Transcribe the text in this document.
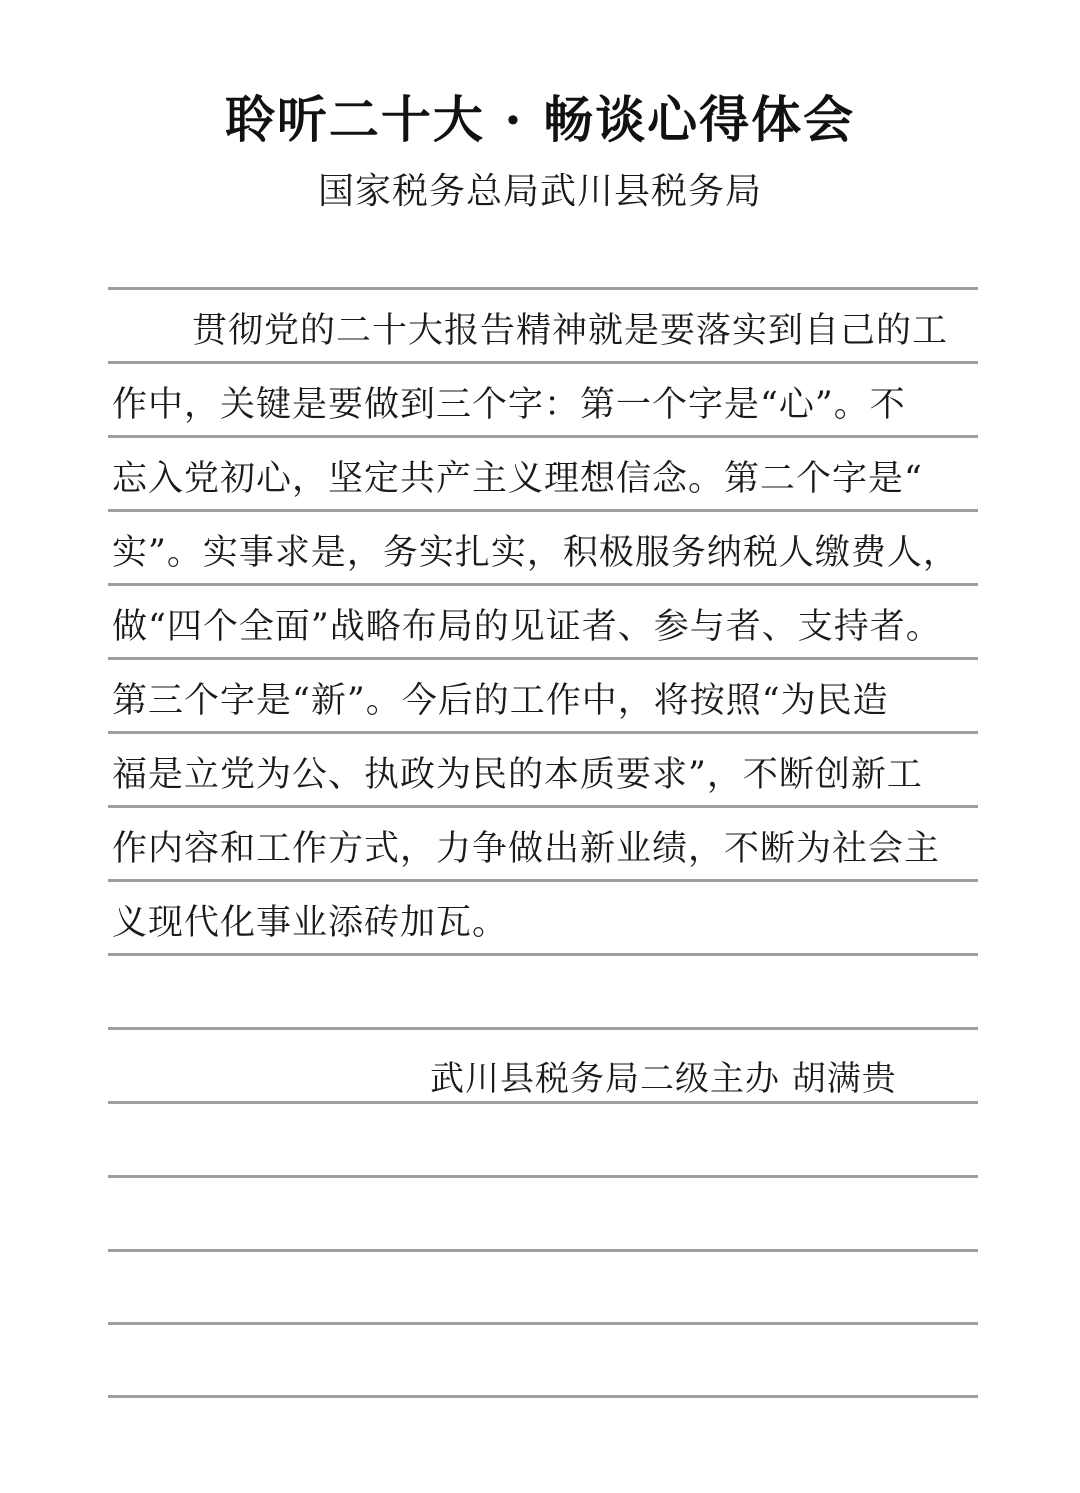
聆听二十大 · 畅谈心得体会
国家税务总局武川县税务局
贯彻党的二十大报告精神就是要落实到自己的工
作中，关键是要做到三个字：第一个字是“心”。不
忘入党初心，坚定共产主义理想信念。第二个字是“
实”。实事求是，务实扎实，积极服务纳税人缴费人，
做“四个全面”战略布局的见证者、参与者、支持者。
第三个字是“新”。今后的工作中，将按照“为民造
福是立党为公、执政为民的本质要求”，不断创新工
作内容和工作方式，力争做出新业绩，不断为社会主
义现代化事业添砖加瓦。
武川县税务局二级主办 胡满贵
